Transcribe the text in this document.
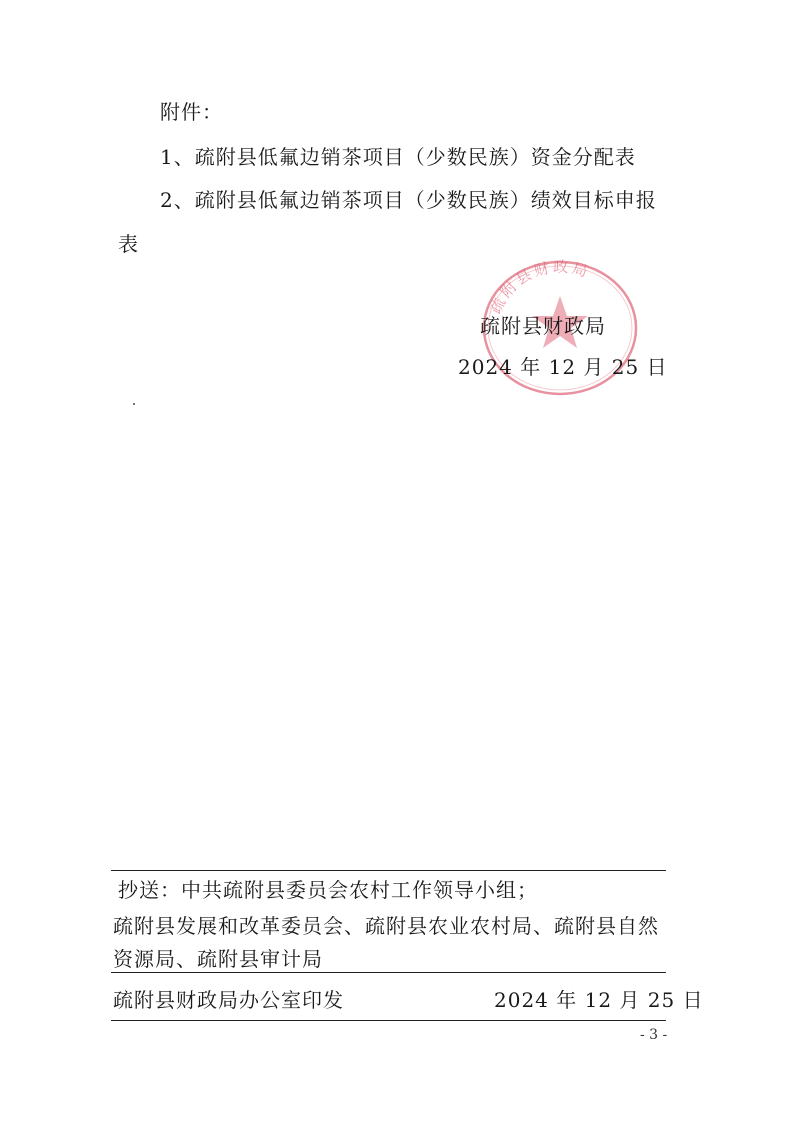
附件：
1、疏附县低氟边销茶项目（少数民族）资金分配表
2、疏附县低氟边销茶项目（少数民族）绩效目标申报
表
疏附县财政局
疏附县财政局
2024 年 12 月 25 日
抄送：中共疏附县委员会农村工作领导小组；
疏附县发展和改革委员会、疏附县农业农村局、疏附县自然
资源局、疏附县审计局
疏附县财政局办公室印发	2024 年 12 月 25 日
- 3 -
